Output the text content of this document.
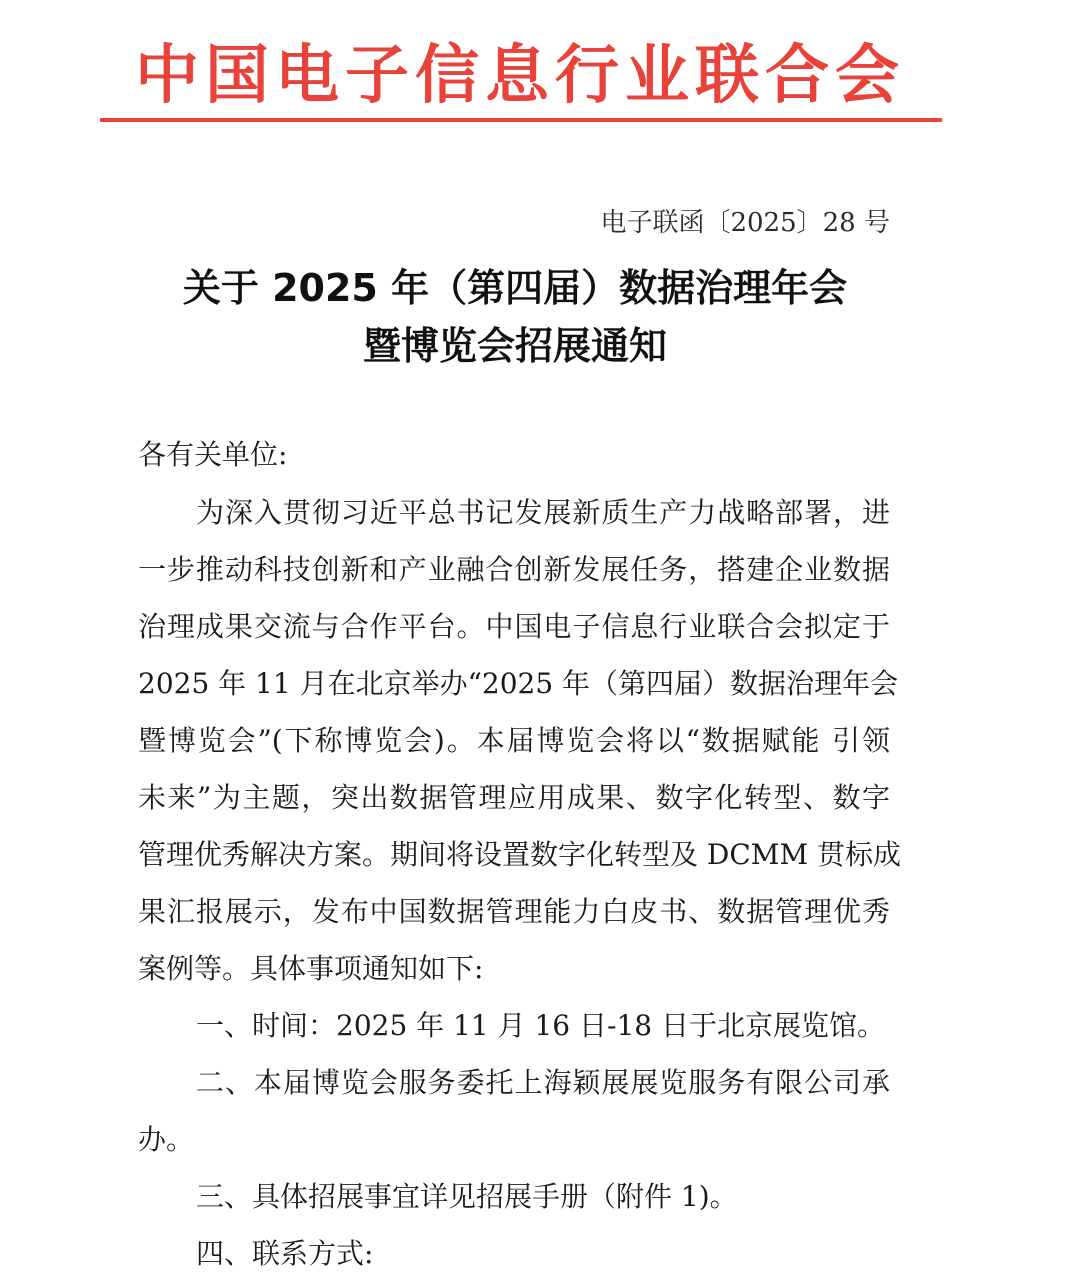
中国电子信息行业联合会
电子联函〔2025〕28 号
关于 2025 年（第四届）数据治理年会
暨博览会招展通知
各有关单位:
为深入贯彻习近平总书记发展新质生产力战略部署，进
一步推动科技创新和产业融合创新发展任务，搭建企业数据
治理成果交流与合作平台。中国电子信息行业联合会拟定于
2025 年 11 月在北京举办“2025 年（第四届）数据治理年会
暨博览会”(下称博览会)。本届博览会将以“数据赋能 引领
未来”为主题，突出数据管理应用成果、数字化转型、数字
管理优秀解决方案。期间将设置数字化转型及 DCMM 贯标成
果汇报展示，发布中国数据管理能力白皮书、数据管理优秀
案例等。具体事项通知如下:
一、时间：2025 年 11 月 16 日-18 日于北京展览馆。
二、本届博览会服务委托上海颖展展览服务有限公司承
办。
三、具体招展事宜详见招展手册（附件 1)。
四、联系方式:
